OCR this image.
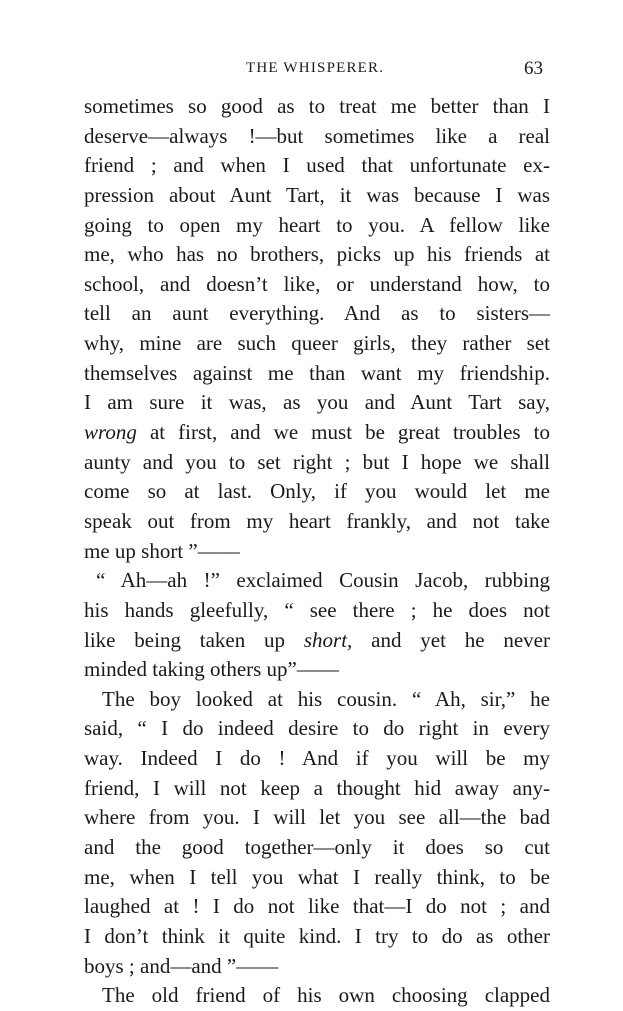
THE WHISPERER.	63
sometimes so good as to treat me better than I
deserve—always !—but sometimes like a real
friend ; and when I used that unfortunate ex-
pression about Aunt Tart, it was because I was
going to open my heart to you. A fellow like
me, who has no brothers, picks up his friends at
school, and doesn’t like, or understand how, to
tell an aunt everything. And as to sisters—
why, mine are such queer girls, they rather set
themselves against me than want my friendship.
I am sure it was, as you and Aunt Tart say,
wrong at first, and we must be great troubles to
aunty and you to set right ; but I hope we shall
come so at last. Only, if you would let me
speak out from my heart frankly, and not take
me up short ”——
“ Ah—ah !” exclaimed Cousin Jacob, rubbing
his hands gleefully, “ see there ; he does not
like being taken up short, and yet he never
minded taking others up”——
The boy looked at his cousin. “ Ah, sir,” he
said, “ I do indeed desire to do right in every
way. Indeed I do ! And if you will be my
friend, I will not keep a thought hid away any-
where from you. I will let you see all—the bad
and the good together—only it does so cut
me, when I tell you what I really think, to be
laughed at ! I do not like that—I do not ; and
I don’t think it quite kind. I try to do as other
boys ; and—and ”——
The old friend of his own choosing clapped
